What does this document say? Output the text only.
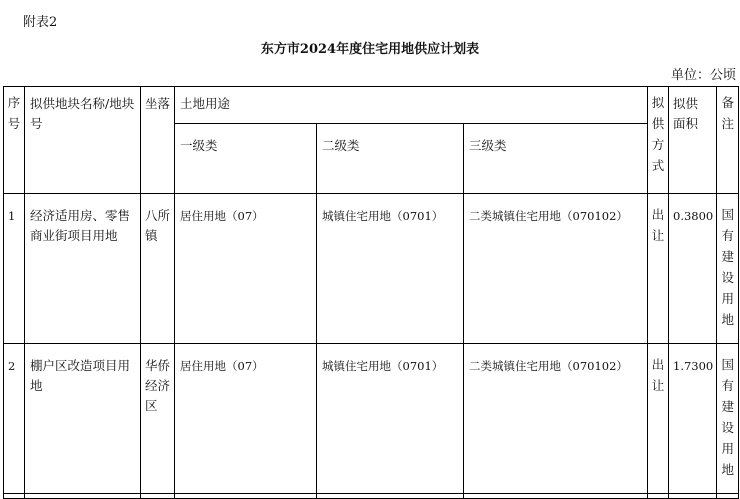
附表2
东方市2024年度住宅用地供应计划表
单位：公顷
序号	拟供地块名称/地块号	坐落	土地用途			拟供方式	拟供面积	备注

			一级类	二级类	三级类			
1	经济适用房、零售商业街项目用地	八所镇	居住用地（07）	城镇住宅用地（0701）	二类城镇住宅用地（070102）	出让	0.3800	国有建设用地

2	棚户区改造项目用地	华侨经济区	居住用地（07）	城镇住宅用地（0701）	二类城镇住宅用地（070102）	出让	1.7300	国有建设用地
